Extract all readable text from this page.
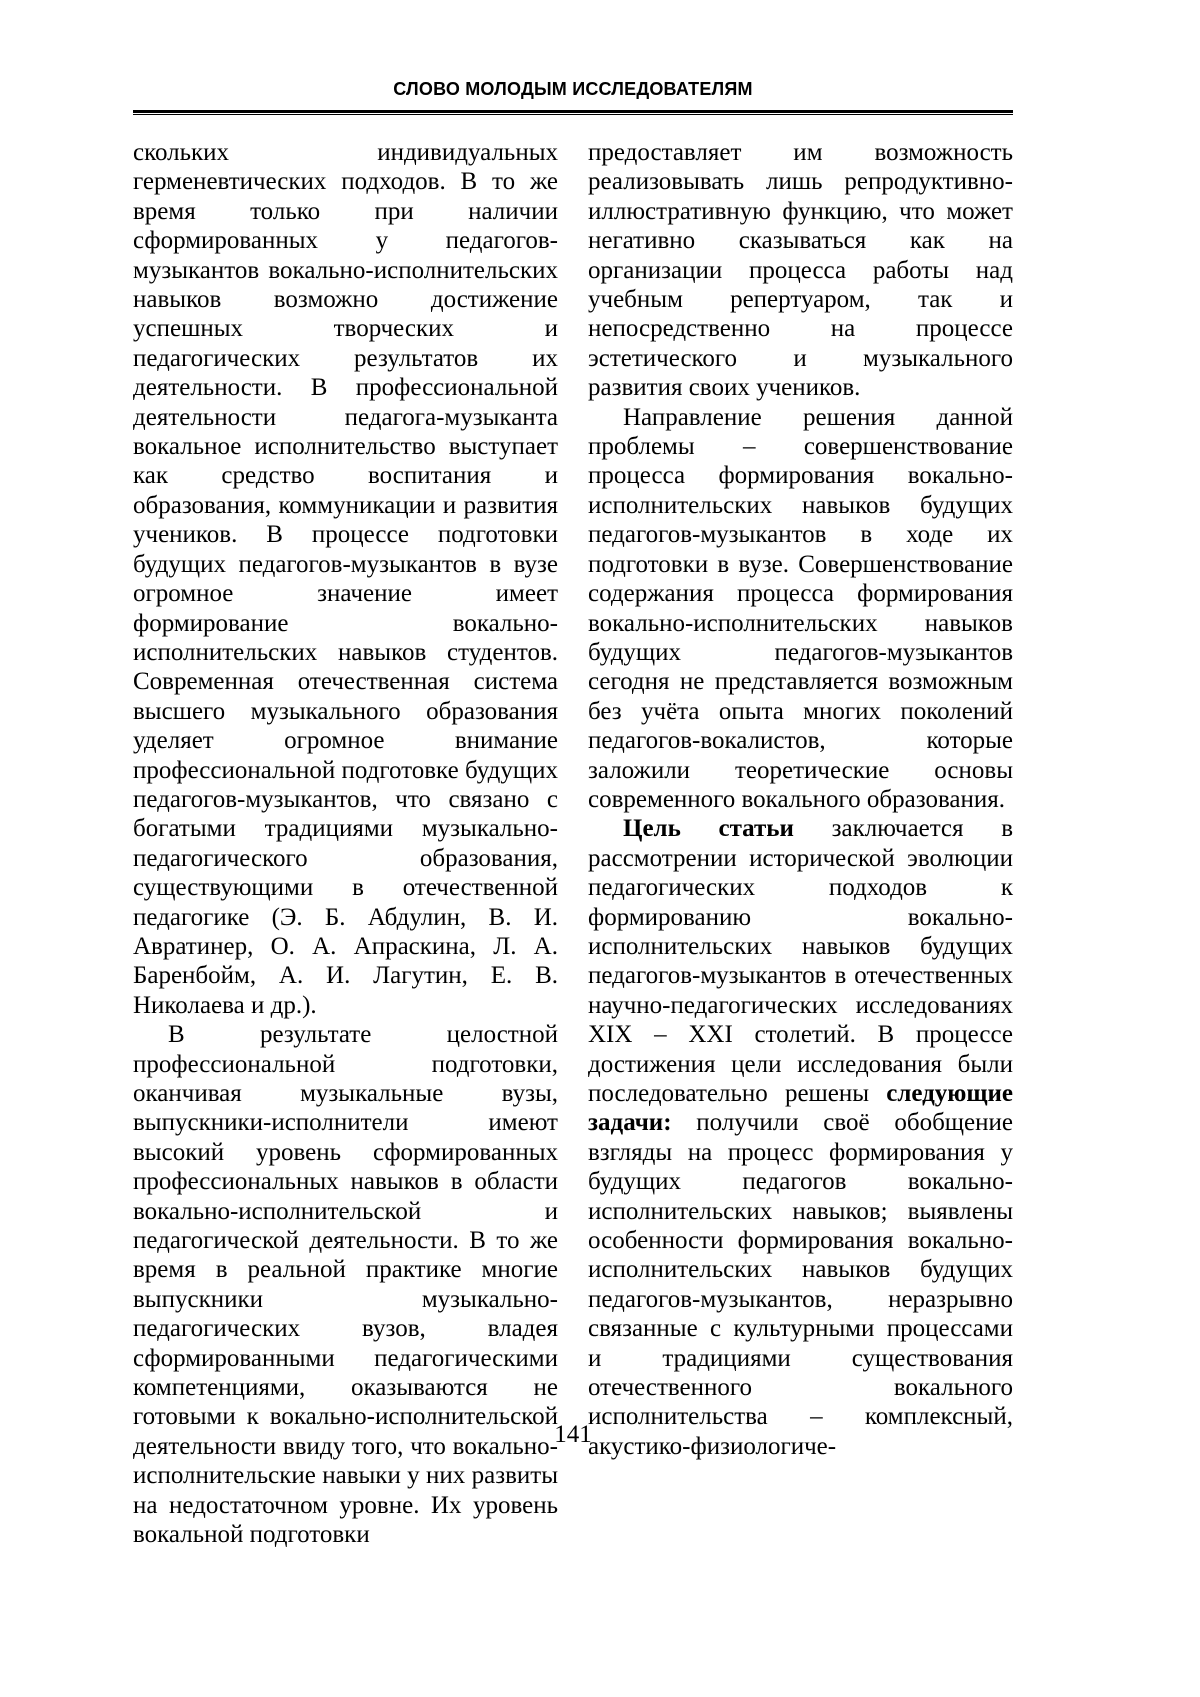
СЛОВО МОЛОДЫМ ИССЛЕДОВАТЕЛЯМ

скольких индивидуальных герменевтических подходов. В то же время только при наличии сформированных у педагогов-музыкантов вокально-исполнительских навыков возможно достижение успешных творческих и педагогических результатов их деятельности. В профессиональной деятельности педагога-музыканта вокальное исполнительство выступает как средство воспитания и образования, коммуникации и развития учеников. В процессе подготовки будущих педагогов-музыкантов в вузе огромное значение имеет формирование вокально-исполнительских навыков студентов. Современная отечественная система высшего музыкального образования уделяет огромное внимание профессиональной подготовке будущих педагогов-музыкантов, что связано с богатыми традициями музыкально-педагогического образования, существующими в отечественной педагогике (Э. Б. Абдулин, В. И. Авратинер, О. А. Апраскина, Л. А. Баренбойм, А. И. Лагутин, Е. В. Николаева и др.).

В результате целостной профессиональной подготовки, оканчивая музыкальные вузы, выпускники-исполнители имеют высокий уровень сформированных профессиональных навыков в области вокально-исполнительской и педагогической деятельности. В то же время в реальной практике многие выпускники музыкально-педагогических вузов, владея сформированными педагогическими компетенциями, оказываются не готовыми к вокально-исполнительской деятельности ввиду того, что вокально-исполнительские навыки у них развиты на недостаточном уровне. Их уровень вокальной подготовки

предоставляет им возможность реализовывать лишь репродуктивно-иллюстративную функцию, что может негативно сказываться как на организации процесса работы над учебным репертуаром, так и непосредственно на процессе эстетического и музыкального развития своих учеников.

Направление решения данной проблемы – совершенствование процесса формирования вокально-исполнительских навыков будущих педагогов-музыкантов в ходе их подготовки в вузе. Совершенствование содержания процесса формирования вокально-исполнительских навыков будущих педагогов-музыкантов сегодня не представляется возможным без учёта опыта многих поколений педагогов-вокалистов, которые заложили теоретические основы современного вокального образования.

Цель статьи заключается в рассмотрении исторической эволюции педагогических подходов к формированию вокально-исполнительских навыков будущих педагогов-музыкантов в отечественных научно-педагогических исследованиях XIX – XXI столетий. В процессе достижения цели исследования были последовательно решены следующие задачи: получили своё обобщение взгляды на процесс формирования у будущих педагогов вокально-исполнительских навыков; выявлены особенности формирования вокально-исполнительских навыков будущих педагогов-музыкантов, неразрывно связанные с культурными процессами и традициями существования отечественного вокального исполнительства – комплексный, акустико-физиологиче-

141
